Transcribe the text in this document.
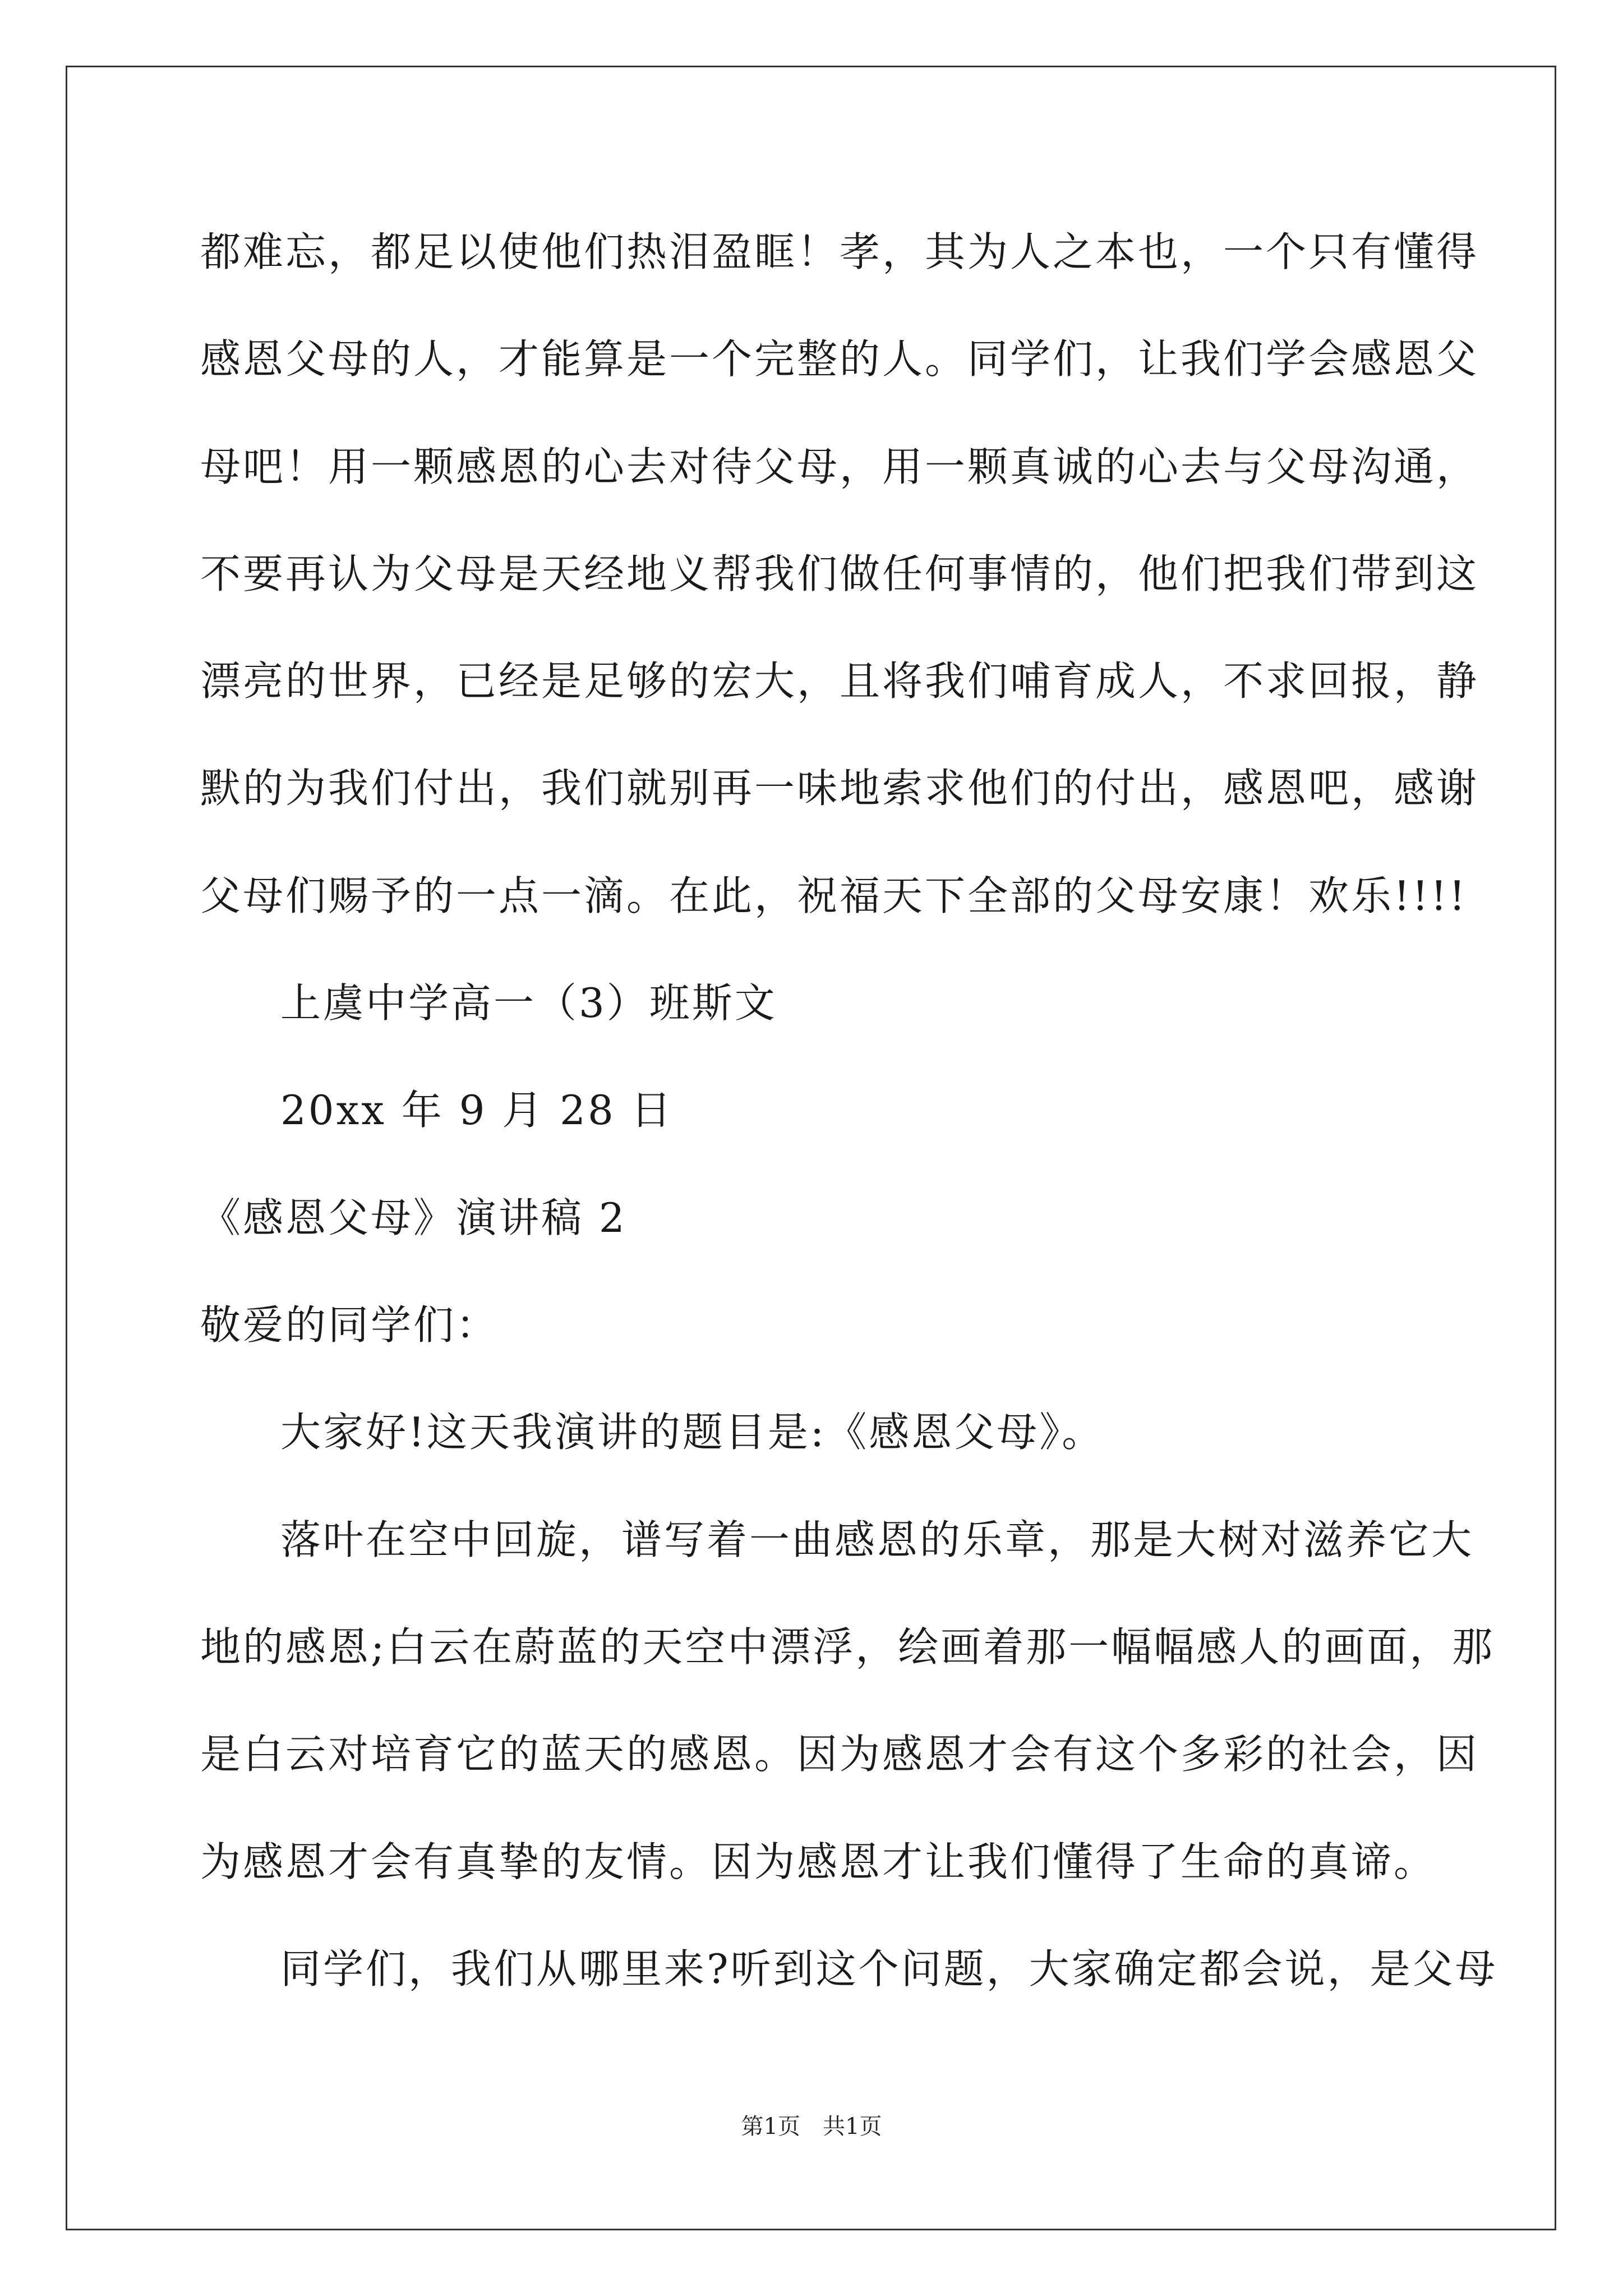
都难忘，都足以使他们热泪盈眶！孝，其为人之本也，一个只有懂得
感恩父母的人，才能算是一个完整的人。同学们，让我们学会感恩父
母吧！用一颗感恩的心去对待父母，用一颗真诚的心去与父母沟通，
不要再认为父母是天经地义帮我们做任何事情的，他们把我们带到这
漂亮的世界，已经是足够的宏大，且将我们哺育成人，不求回报，静
默的为我们付出，我们就别再一味地索求他们的付出，感恩吧，感谢
父母们赐予的一点一滴。在此，祝福天下全部的父母安康！欢乐!!!!
上虞中学高一（3）班斯文
20xx 年 9 月 28 日
《感恩父母》演讲稿 2
敬爱的同学们：
大家好!这天我演讲的题目是:《感恩父母》。
落叶在空中回旋，谱写着一曲感恩的乐章，那是大树对滋养它大
地的感恩;白云在蔚蓝的天空中漂浮，绘画着那一幅幅感人的画面，那
是白云对培育它的蓝天的感恩。因为感恩才会有这个多彩的社会，因
为感恩才会有真挚的友情。因为感恩才让我们懂得了生命的真谛。
同学们，我们从哪里来?听到这个问题，大家确定都会说，是父母
第1页 共1页
